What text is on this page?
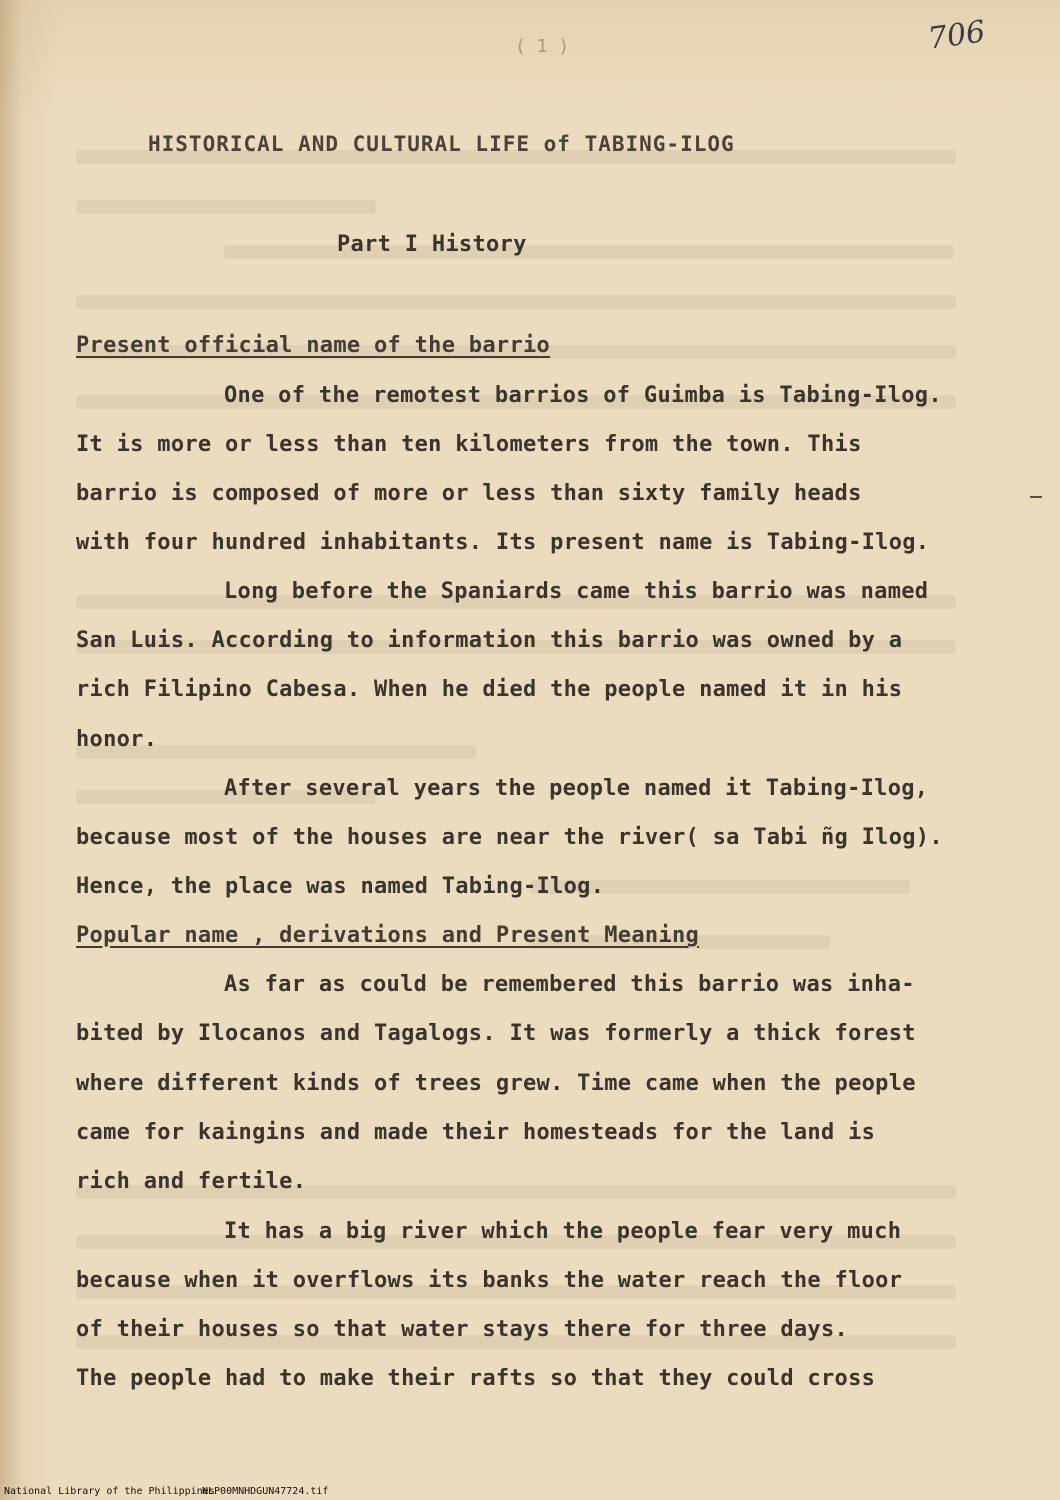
706
( 1 )
HISTORICAL AND CULTURAL LIFE of TABING-ILOG
Part I History
Present official name of the barrio
One of the remotest barrios of Guimba is Tabing-Ilog.
It is more or less than ten kilometers from the town. This
barrio is composed of more or less than sixty family heads
with four hundred inhabitants. Its present name is Tabing-Ilog.
Long before the Spaniards came this barrio was named
San Luis. According to information this barrio was owned by a
rich Filipino Cabesa. When he died the people named it in his
honor.
After several years the people named it Tabing-Ilog,
because most of the houses are near the river( sa Tabi ñg Ilog).
Hence, the place was named Tabing-Ilog.
Popular name , derivations and Present Meaning
As far as could be remembered this barrio was inha-
bited by Ilocanos and Tagalogs. It was formerly a thick forest
where different kinds of trees grew. Time came when the people
came for kaingins and made their homesteads for the land is
rich and fertile.
It has a big river which the people fear very much
because when it overflows its banks the water reach the floor
of their houses so that water stays there for three days.
The people had to make their rafts so that they could cross
National Library of the Philippines
NLP00MNHDGUN47724.tif
